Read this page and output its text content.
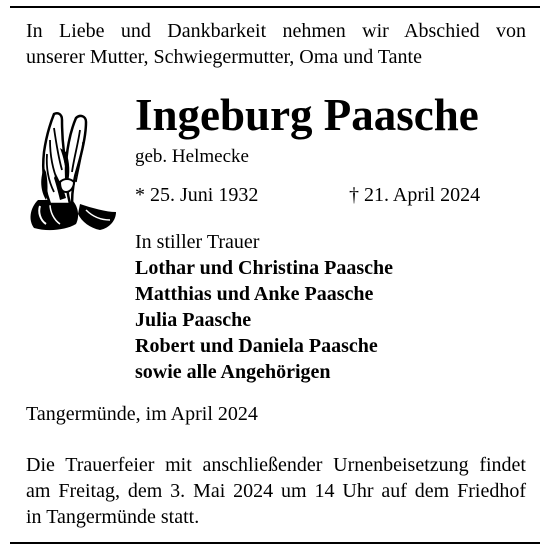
In Liebe und Dankbarkeit nehmen wir Abschied von
unserer Mutter, Schwiegermutter, Oma und Tante
Ingeburg Paasche
geb. Helmecke
* 25. Juni 1932	† 21. April 2024
In stiller Trauer
Lothar und Christina Paasche
Matthias und Anke Paasche
Julia Paasche
Robert und Daniela Paasche
sowie alle Angehörigen
Tangermünde, im April 2024
Die Trauerfeier mit anschließender Urnenbeisetzung findet
am Freitag, dem 3. Mai 2024 um 14 Uhr auf dem Friedhof
in Tangermünde statt.
